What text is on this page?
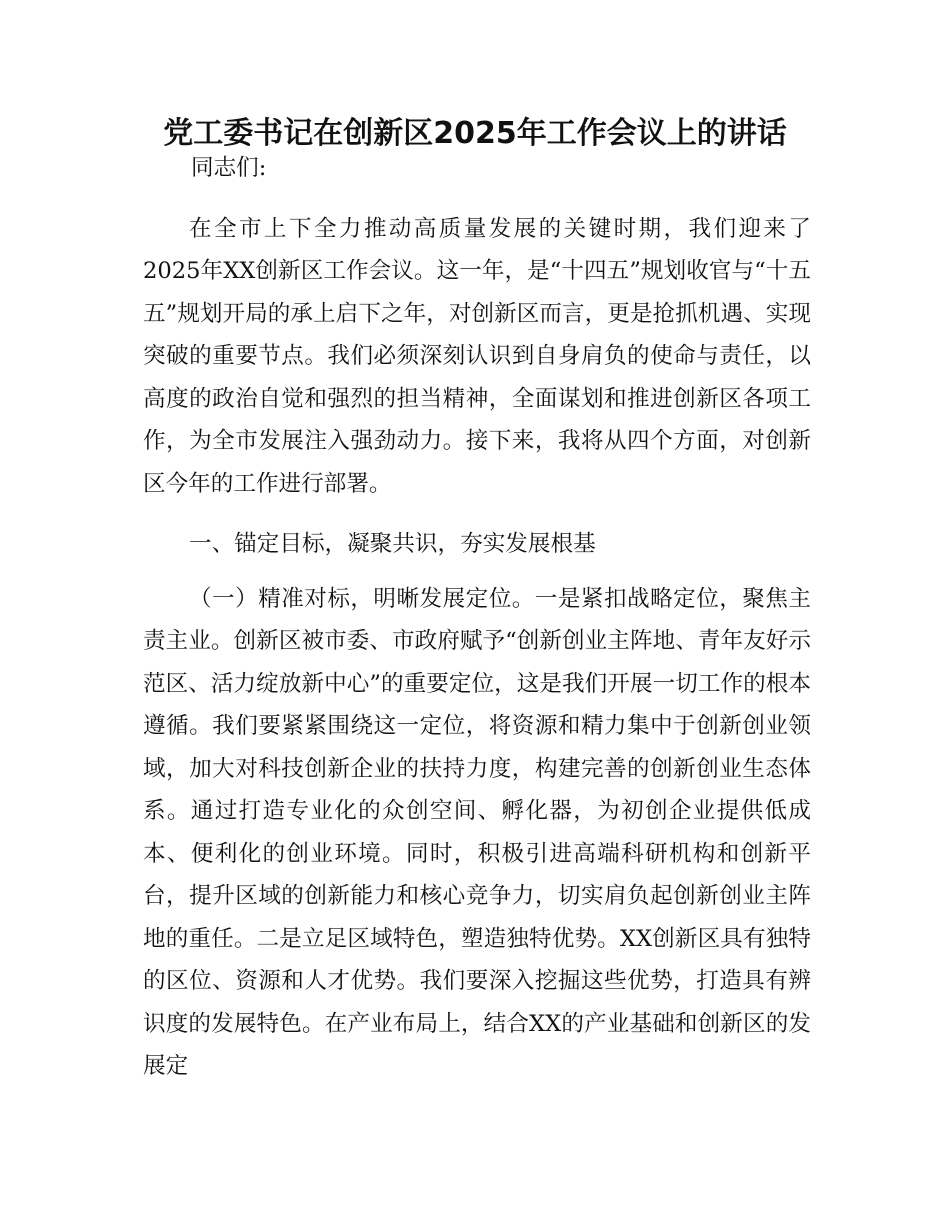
党工委书记在创新区2025年工作会议上的讲话

同志们:

在全市上下全力推动高质量发展的关键时期，我们迎来了2025年XX创新区工作会议。这一年，是“十四五”规划收官与“十五五”规划开局的承上启下之年，对创新区而言，更是抢抓机遇、实现突破的重要节点。我们必须深刻认识到自身肩负的使命与责任，以高度的政治自觉和强烈的担当精神，全面谋划和推进创新区各项工作，为全市发展注入强劲动力。接下来，我将从四个方面，对创新区今年的工作进行部署。

一、锚定目标，凝聚共识，夯实发展根基

（一）精准对标，明晰发展定位。一是紧扣战略定位，聚焦主责主业。创新区被市委、市政府赋予“创新创业主阵地、青年友好示范区、活力绽放新中心”的重要定位，这是我们开展一切工作的根本遵循。我们要紧紧围绕这一定位，将资源和精力集中于创新创业领域，加大对科技创新企业的扶持力度，构建完善的创新创业生态体系。通过打造专业化的众创空间、孵化器，为初创企业提供低成本、便利化的创业环境。同时，积极引进高端科研机构和创新平台，提升区域的创新能力和核心竞争力，切实肩负起创新创业主阵地的重任。二是立足区域特色，塑造独特优势。XX创新区具有独特的区位、资源和人才优势。我们要深入挖掘这些优势，打造具有辨识度的发展特色。在产业布局上，结合XX的产业基础和创新区的发展定
